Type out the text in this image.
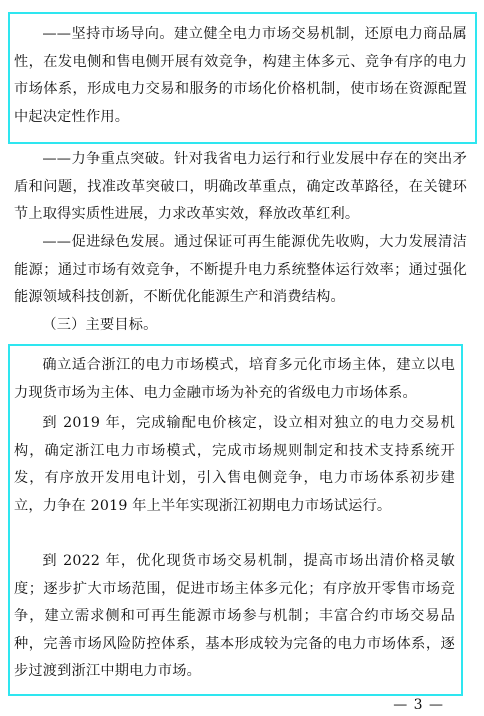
——坚持市场导向。建立健全电力市场交易机制，还原电力商品属性，在发电侧和售电侧开展有效竞争，构建主体多元、竞争有序的电力市场体系，形成电力交易和服务的市场化价格机制，使市场在资源配置中起决定性作用。

——力争重点突破。针对我省电力运行和行业发展中存在的突出矛盾和问题，找准改革突破口，明确改革重点，确定改革路径，在关键环节上取得实质性进展，力求改革实效，释放改革红利。

——促进绿色发展。通过保证可再生能源优先收购，大力发展清洁能源；通过市场有效竞争，不断提升电力系统整体运行效率；通过强化能源领域科技创新，不断优化能源生产和消费结构。

（三）主要目标。

确立适合浙江的电力市场模式，培育多元化市场主体，建立以电力现货市场为主体、电力金融市场为补充的省级电力市场体系。

到 2019 年，完成输配电价核定，设立相对独立的电力交易机构，确定浙江电力市场模式，完成市场规则制定和技术支持系统开发，有序放开发用电计划，引入售电侧竞争，电力市场体系初步建立，力争在 2019 年上半年实现浙江初期电力市场试运行。

到 2022 年，优化现货市场交易机制，提高市场出清价格灵敏度；逐步扩大市场范围，促进市场主体多元化；有序放开零售市场竞争，建立需求侧和可再生能源市场参与机制；丰富合约市场交易品种，完善市场风险防控体系，基本形成较为完备的电力市场体系，逐步过渡到浙江中期电力市场。

— 3 —
